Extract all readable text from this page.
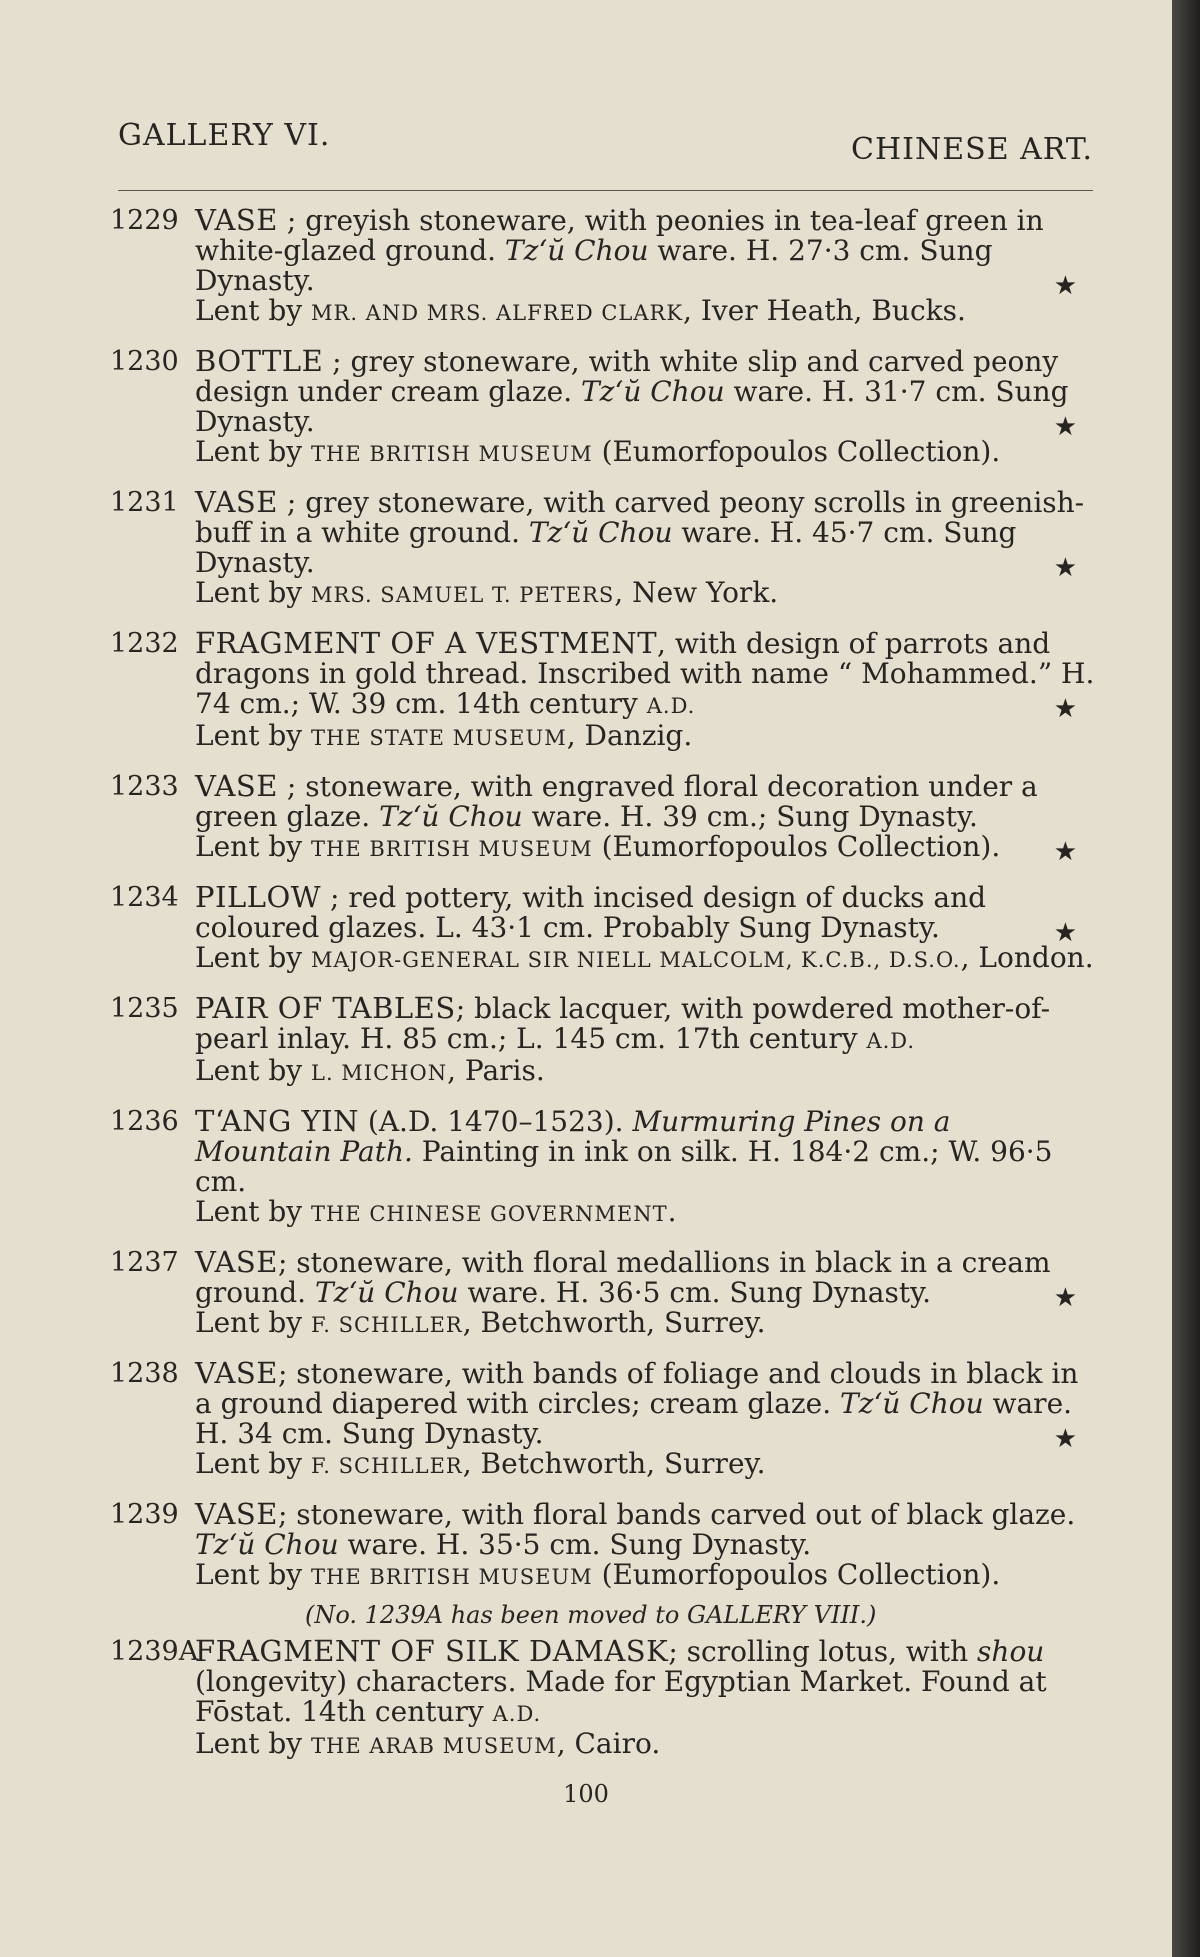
GALLERY VI.	CHINESE ART.
1229 VASE ; greyish stoneware, with peonies in tea-leaf green in white-glazed ground. Tz‘ŭ Chou ware. H. 27·3 cm. Sung Dynasty.
Lent by MR. AND MRS. ALFRED CLARK, Iver Heath, Bucks.
★
1230 BOTTLE ; grey stoneware, with white slip and carved peony design under cream glaze. Tz‘ŭ Chou ware. H. 31·7 cm. Sung Dynasty.
Lent by THE BRITISH MUSEUM (Eumorfopoulos Collection).
★
1231 VASE ; grey stoneware, with carved peony scrolls in greenish-buff in a white ground. Tz‘ŭ Chou ware. H. 45·7 cm. Sung Dynasty.
Lent by MRS. SAMUEL T. PETERS, New York.
★
1232 FRAGMENT OF A VESTMENT, with design of parrots and dragons in gold thread. Inscribed with name “ Mohammed.” H. 74 cm.; W. 39 cm. 14th century A.D.
Lent by THE STATE MUSEUM, Danzig.
★
1233 VASE ; stoneware, with engraved floral decoration under a green glaze. Tz‘ŭ Chou ware. H. 39 cm.; Sung Dynasty.
Lent by THE BRITISH MUSEUM (Eumorfopoulos Collection).	★
1234 PILLOW ; red pottery, with incised design of ducks and coloured glazes. L. 43·1 cm. Probably Sung Dynasty.
Lent by MAJOR-GENERAL SIR NIELL MALCOLM, K.C.B., D.S.O., London.
★
1235 PAIR OF TABLES; black lacquer, with powdered mother-of-pearl inlay. H. 85 cm.; L. 145 cm. 17th century A.D.
Lent by L. MICHON, Paris.
1236 T‘ANG YIN (A.D. 1470–1523). Murmuring Pines on a Mountain Path. Painting in ink on silk. H. 184·2 cm.; W. 96·5 cm.
Lent by THE CHINESE GOVERNMENT.
1237 VASE; stoneware, with floral medallions in black in a cream ground. Tz‘ŭ Chou ware. H. 36·5 cm. Sung Dynasty.
Lent by F. SCHILLER, Betchworth, Surrey.
★
1238 VASE; stoneware, with bands of foliage and clouds in black in a ground diapered with circles; cream glaze. Tz‘ŭ Chou ware. H. 34 cm. Sung Dynasty.
Lent by F. SCHILLER, Betchworth, Surrey.
★
1239 VASE; stoneware, with floral bands carved out of black glaze. Tz‘ŭ Chou ware. H. 35·5 cm. Sung Dynasty.
Lent by THE BRITISH MUSEUM (Eumorfopoulos Collection).
(No. 1239A has been moved to GALLERY VIII.)
1239A
FRAGMENT OF SILK DAMASK; scrolling lotus, with shou (longevity) characters. Made for Egyptian Market. Found at Fōstat. 14th century A.D.
Lent by THE ARAB MUSEUM, Cairo.
100
